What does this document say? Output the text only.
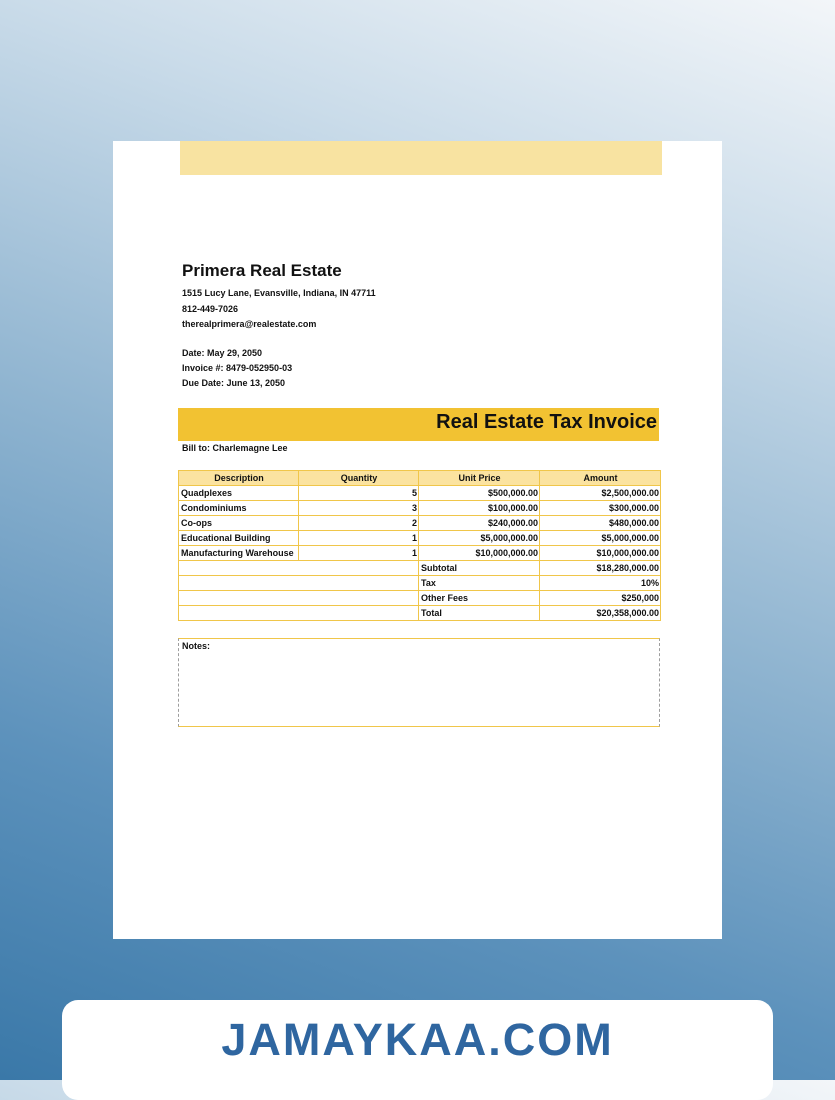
Primera Real Estate
1515 Lucy Lane, Evansville, Indiana, IN 47711
812-449-7026
therealprimera@realestate.com
Date: May 29, 2050
Invoice #: 8479-052950-03
Due Date: June 13, 2050
Real Estate Tax Invoice
Bill to: Charlemagne Lee
Description	Quantity	Unit Price	Amount
Quadplexes	5	$500,000.00	$2,500,000.00
Condominiums	3	$100,000.00	$300,000.00
Co-ops	2	$240,000.00	$480,000.00
Educational Building	1	$5,000,000.00	$5,000,000.00
Manufacturing Warehouse	1	$10,000,000.00	$10,000,000.00
		Subtotal	$18,280,000.00
		Tax	10%
		Other Fees	$250,000
		Total	$20,358,000.00
Notes:
JAMAYKAA.COM
